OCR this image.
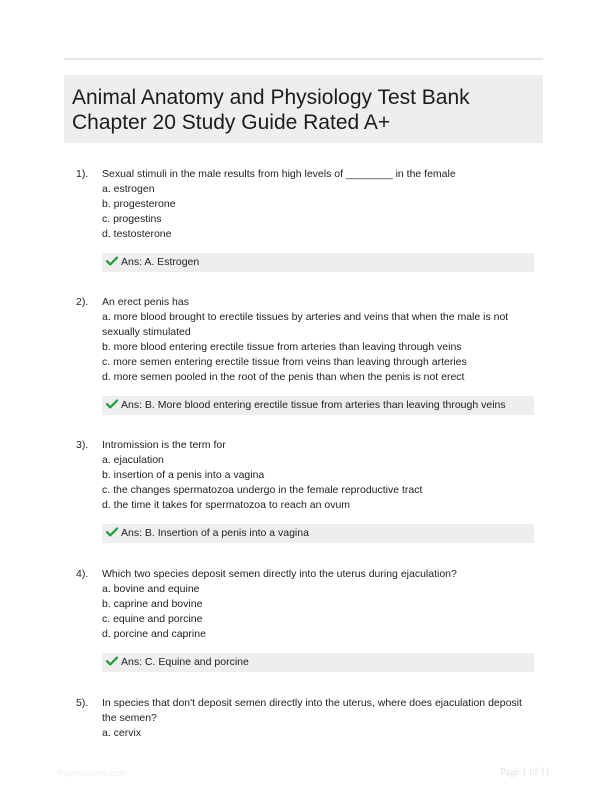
Animal Anatomy and Physiology Test Bank
Chapter 20 Study Guide Rated A+
1).	Sexual stimuli in the male results from high levels of ________ in the female
a. estrogen
b. progesterone
c. progestins
d. testosterone
Ans: A. Estrogen
2).	An erect penis has
a. more blood brought to erectile tissues by arteries and veins that when the male is not sexually stimulated
b. more blood entering erectile tissue from arteries than leaving through veins
c. more semen entering erectile tissue from veins than leaving through arteries
d. more semen pooled in the root of the penis than when the penis is not erect
Ans: B. More blood entering erectile tissue from arteries than leaving through veins
3).	Intromission is the term for
a. ejaculation
b. insertion of a penis into a vagina
c. the changes spermatozoa undergo in the female reproductive tract
d. the time it takes for spermatozoa to reach an ovum
Ans: B. Insertion of a penis into a vagina
4).	Which two species deposit semen directly into the uterus during ejaculation?
a. bovine and equine
b. caprine and bovine
c. equine and porcine
d. porcine and caprine
Ans: C. Equine and porcine
5).	In species that don't deposit semen directly into the uterus, where does ejaculation deposit the semen?
a. cervix
PaperStudio.com	Page 1 of 11
